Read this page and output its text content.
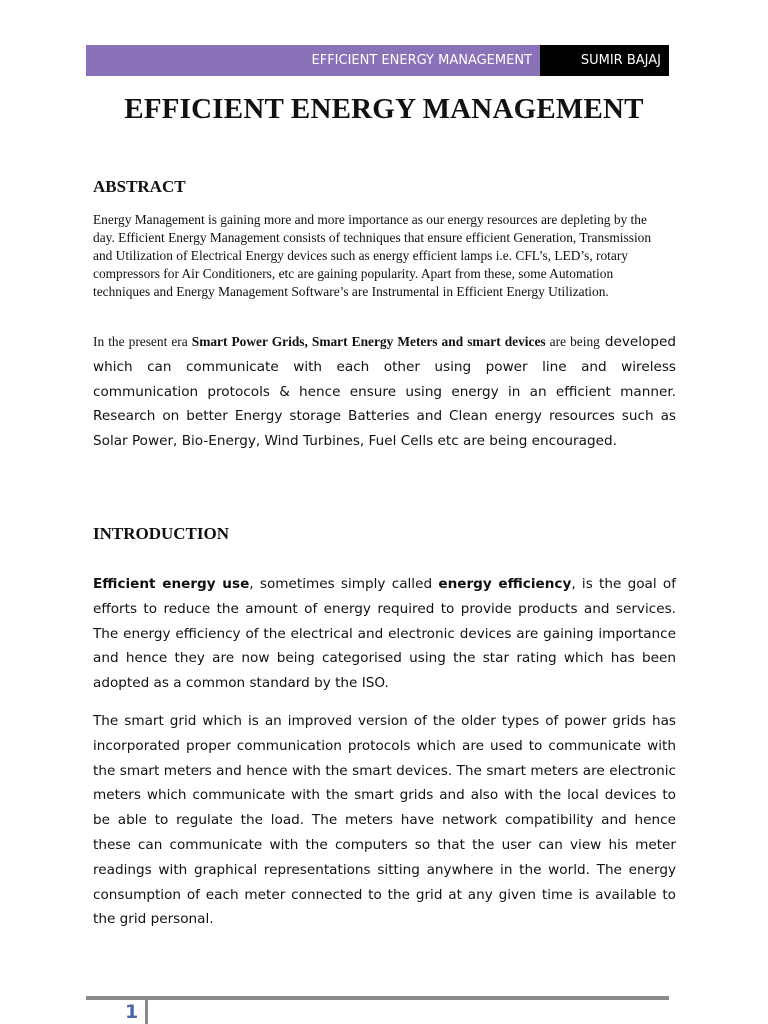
EFFICIENT ENERGY MANAGEMENT	SUMIR BAJAJ
EFFICIENT ENERGY MANAGEMENT
ABSTRACT

Energy Management is gaining more and more importance as our energy resources are depleting by the day. Efficient Energy Management consists of techniques that ensure efficient Generation, Transmission and Utilization of Electrical Energy devices such as energy efficient lamps i.e. CFL’s, LED’s, rotary compressors for Air Conditioners, etc are gaining popularity. Apart from these, some Automation techniques and Energy Management Software’s are Instrumental in Efficient Energy Utilization.

In the present era Smart Power Grids, Smart Energy Meters and smart devices are being developed which can communicate with each other using power line and wireless communication protocols & hence ensure using energy in an efficient manner. Research on better Energy storage Batteries and Clean energy resources such as Solar Power, Bio-Energy, Wind Turbines, Fuel Cells etc are being encouraged.

INTRODUCTION

Efficient energy use, sometimes simply called energy efficiency, is the goal of efforts to reduce the amount of energy required to provide products and services. The energy efficiency of the electrical and electronic devices are gaining importance and hence they are now being categorised using the star rating which has been adopted as a common standard by the ISO.

The smart grid which is an improved version of the older types of power grids has incorporated proper communication protocols which are used to communicate with the smart meters and hence with the smart devices. The smart meters are electronic meters which communicate with the smart grids and also with the local devices to be able to regulate the load. The meters have network compatibility and hence these can communicate with the computers so that the user can view his meter readings with graphical representations sitting anywhere in the world. The energy consumption of each meter connected to the grid at any given time is available to the grid personal.

1
